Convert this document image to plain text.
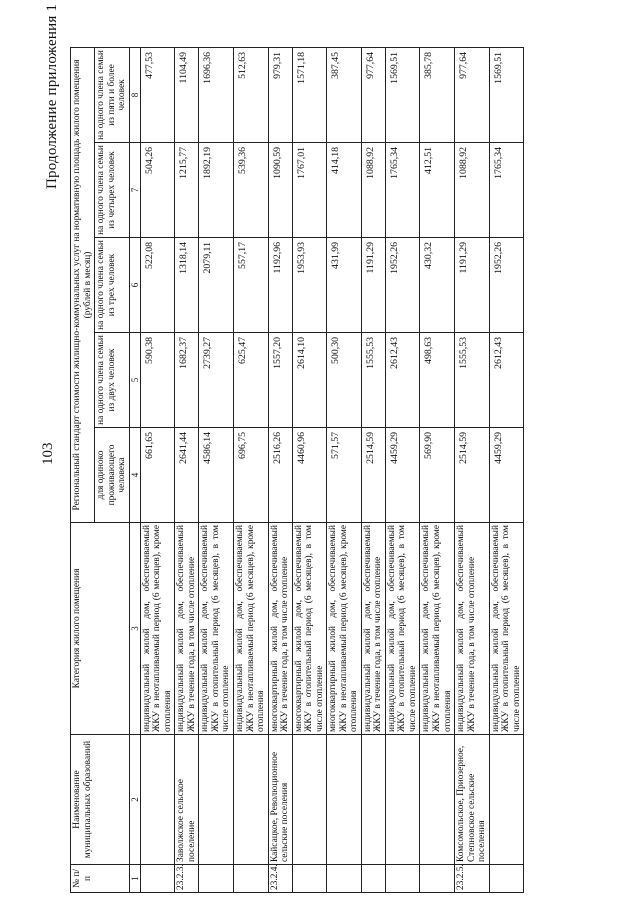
103
Продолжение приложения 1
№ п/п	Наименование муниципальных образований	Категория жилого помещения	Региональный стандарт стоимости жилищно-коммунальных услуг на нормативную площадь жилого помещения (рублей в месяц)				
			для одиноко проживающего человека	на одного члена семьи из двух человек	на одного члена семьи из трех человек	на одного члена семьи из четырех человек	на одного члена семьи из пяти и более человек
1	2	3	4	5	6	7	8
		индивидуальный жилой дом, обеспечиваемый ЖКУ в неотапливаемый период (6 месяцев), кроме отопления	661,65	590,38	522,08	504,26	477,53
23.2.3.	Заволжское сельское поселение	индивидуальный жилой дом, обеспечиваемый ЖКУ в течение года, в том числе отопление	2641,44	1682,37	1318,14	1215,77	1104,49
		индивидуальный жилой дом, обеспечиваемый ЖКУ в отопительный период (6 месяцев), в том числе отопление	4586,14	2739,27	2079,11	1892,19	1696,36
		индивидуальный жилой дом, обеспечиваемый ЖКУ в неотапливаемый период (6 месяцев), кроме отопления	696,75	625,47	557,17	539,36	512,63
23.2.4.	Кайсацкое, Революционное сельские поселения	многоквартирный жилой дом, обеспечиваемый ЖКУ в течение года, в том числе отопление	2516,26	1557,20	1192,96	1090,59	979,31
		многоквартирный жилой дом, обеспечиваемый ЖКУ в отопительный период (6 месяцев), в том числе отопление	4460,96	2614,10	1953,93	1767,01	1571,18
		многоквартирный жилой дом, обеспечиваемый ЖКУ в неотапливаемый период (6 месяцев), кроме отопления	571,57	500,30	431,99	414,18	387,45
		индивидуальный жилой дом, обеспечиваемый ЖКУ в течение года, в том числе отопление	2514,59	1555,53	1191,29	1088,92	977,64
		индивидуальный жилой дом, обеспечиваемый ЖКУ в отопительный период (6 месяцев), в том числе отопление	4459,29	2612,43	1952,26	1765,34	1569,51
		индивидуальный жилой дом, обеспечиваемый ЖКУ в неотапливаемый период (6 месяцев), кроме отопления	569,90	498,63	430,32	412,51	385,78
23.2.5.	Комсомольское, Приозерное, Степновское сельские поселения	индивидуальный жилой дом, обеспечиваемый ЖКУ в течение года, в том числе отопление	2514,59	1555,53	1191,29	1088,92	977,64
		индивидуальный жилой дом, обеспечиваемый ЖКУ в отопительный период (6 месяцев), в том числе отопление	4459,29	2612,43	1952,26	1765,34	1569,51
